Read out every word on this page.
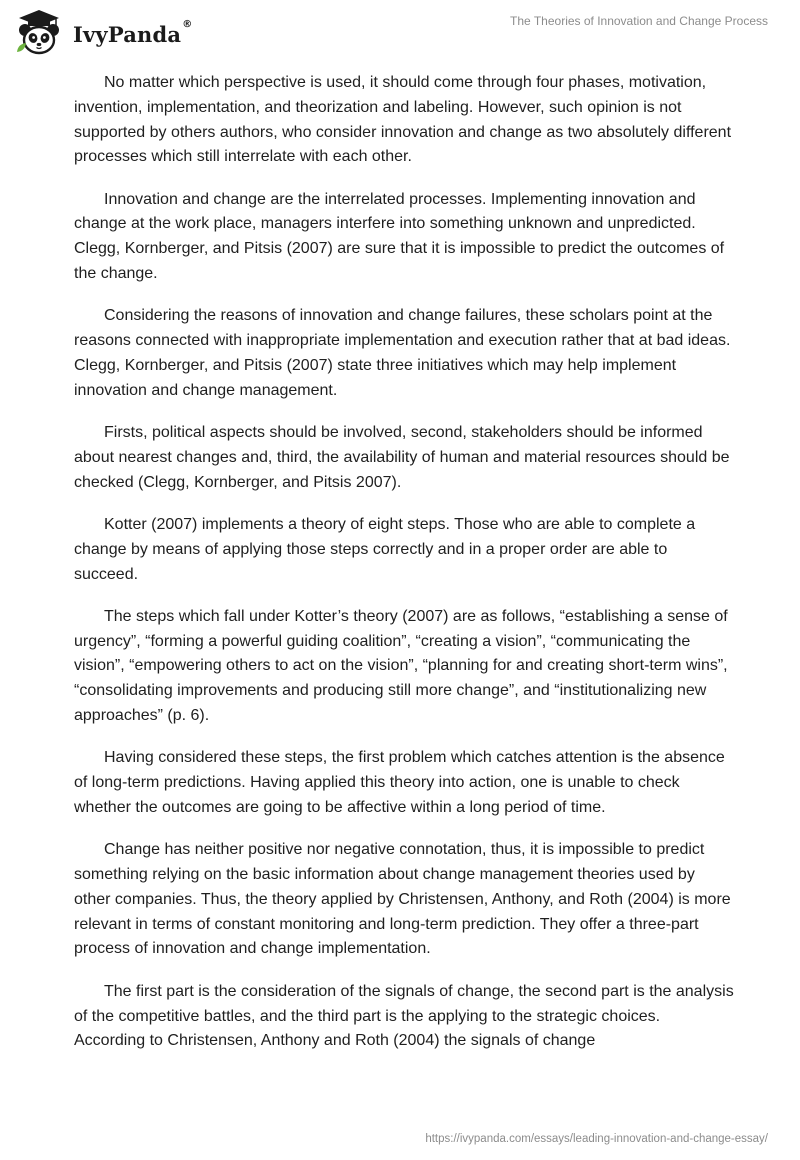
IvyPanda®	The Theories of Innovation and Change Process

No matter which perspective is used, it should come through four phases, motivation, invention, implementation, and theorization and labeling. However, such opinion is not supported by others authors, who consider innovation and change as two absolutely different processes which still interrelate with each other.

Innovation and change are the interrelated processes. Implementing innovation and change at the work place, managers interfere into something unknown and unpredicted. Clegg, Kornberger, and Pitsis (2007) are sure that it is impossible to predict the outcomes of the change.

Considering the reasons of innovation and change failures, these scholars point at the reasons connected with inappropriate implementation and execution rather that at bad ideas. Clegg, Kornberger, and Pitsis (2007) state three initiatives which may help implement innovation and change management.

Firsts, political aspects should be involved, second, stakeholders should be informed about nearest changes and, third, the availability of human and material resources should be checked (Clegg, Kornberger, and Pitsis 2007).

Kotter (2007) implements a theory of eight steps. Those who are able to complete a change by means of applying those steps correctly and in a proper order are able to succeed.

The steps which fall under Kotter’s theory (2007) are as follows, “establishing a sense of urgency”, “forming a powerful guiding coalition”, “creating a vision”, “communicating the vision”, “empowering others to act on the vision”, “planning for and creating short-term wins”, “consolidating improvements and producing still more change”, and “institutionalizing new approaches” (p. 6).

Having considered these steps, the first problem which catches attention is the absence of long-term predictions. Having applied this theory into action, one is unable to check whether the outcomes are going to be affective within a long period of time.

Change has neither positive nor negative connotation, thus, it is impossible to predict something relying on the basic information about change management theories used by other companies. Thus, the theory applied by Christensen, Anthony, and Roth (2004) is more relevant in terms of constant monitoring and long-term prediction. They offer a three-part process of innovation and change implementation.

The first part is the consideration of the signals of change, the second part is the analysis of the competitive battles, and the third part is the applying to the strategic choices. According to Christensen, Anthony and Roth (2004) the signals of change

https://ivypanda.com/essays/leading-innovation-and-change-essay/
